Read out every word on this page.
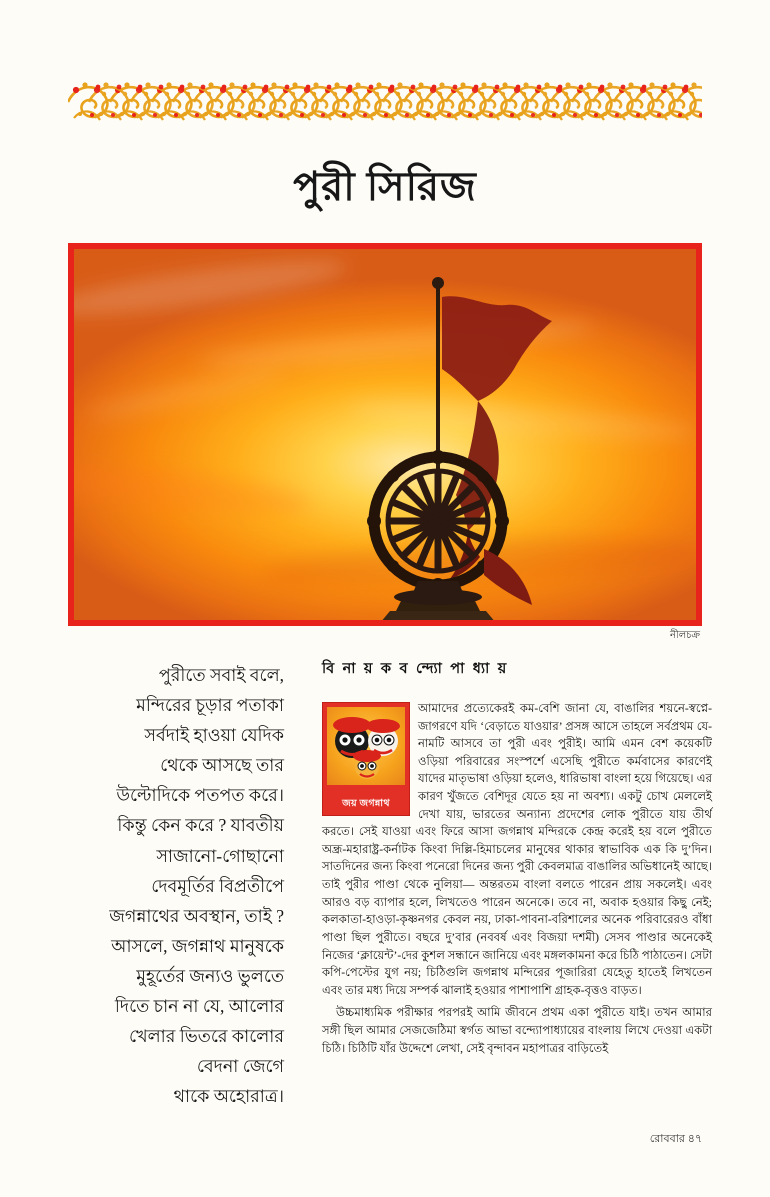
পুরী সিরিজ
নীলচক্র
পুরীতে সবাই বলে,
মন্দিরের চূড়ার পতাকা
সর্বদাই হাওয়া যেদিক
থেকে আসছে তার
উল্টোদিকে পতপত করে।
কিন্তু কেন করে ? যাবতীয়
সাজানো-গোছানো
দেবমূর্তির বিপ্রতীপে
জগন্নাথের অবস্থান, তাই ?
আসলে, জগন্নাথ মানুষকে
মুহূর্তের জন্যও ভুলতে
দিতে চান না যে, আলোর
খেলার ভিতরে কালোর
বেদনা জেগে
থাকে অহোরাত্র।
বি না য় ক ব ন্দ্যো পা ধ্যা য়
জয় জগন্নাথ

আমাদের প্রত্যেকেরই কম-বেশি জানা যে, বাঙালির শয়নে-স্বপ্নে-জাগরণে যদি ‘বেড়াতে যাওয়ার’ প্রসঙ্গ আসে তাহলে সর্বপ্রথম যে-নামটি আসবে তা পুরী এবং পুরীই। আমি এমন বেশ কয়েকটি ওড়িয়া পরিবারের সংস্পর্শে এসেছি পুরীতে কর্মবাসের কারণেই যাদের মাতৃভাষা ওড়িয়া হলেও, ধারিভাষা বাংলা হয়ে গিয়েছে। এর কারণ খুঁজতে বেশিদূর যেতে হয় না অবশ্য। একটু চোখ মেললেই দেখা যায়, ভারতের অন্যান্য প্রদেশের লোক পুরীতে যায় তীর্থ করতে। সেই যাওয়া এবং ফিরে আসা জগন্নাথ মন্দিরকে কেন্দ্র করেই হয় বলে পুরীতে অন্ধ্র-মহারাষ্ট্র-কর্নাটক কিংবা দিল্লি-হিমাচলের মানুষের থাকার স্বাভাবিক এক কি দু’দিন। সাতদিনের জন্য কিংবা পনেরো দিনের জন্য পুরী কেবলমাত্র বাঙালির অভিধানেই আছে। তাই পুরীর পাণ্ডা থেকে নুলিয়া— অন্তরতম বাংলা বলতে পারেন প্রায় সকলেই। এবং আরও বড় ব্যাপার হলে, লিখতেও পারেন অনেকে। তবে না, অবাক হওয়ার কিছু নেই; কলকাতা-হাওড়া-কৃষ্ণনগর কেবল নয়, ঢাকা-পাবনা-বরিশালের অনেক পরিবারেরও বাঁধা পাণ্ডা ছিল পুরীতে। বছরে দু’বার (নববর্ষ এবং বিজয়া দশমী) সেসব পাণ্ডার অনেকেই নিজের ‘ক্লায়েন্ট’-দের কুশল সন্ধানে জানিয়ে এবং মঙ্গলকামনা করে চিঠি পাঠাতেন। সেটা কপি-পেস্টের যুগ নয়; চিঠিগুলি জগন্নাথ মন্দিরের পূজারিরা যেহেতু হাতেই লিখতেন এবং তার মধ্য দিয়ে সম্পর্ক ঝালাই হওয়ার পাশাপাশি গ্রাহক-বৃত্তও বাড়ত।

উচ্চমাধ্যমিক পরীক্ষার পরপরই আমি জীবনে প্রথম একা পুরীতে যাই। তখন আমার সঙ্গী ছিল আমার সেজজেঠিমা স্বর্গত আভা বন্দ্যোপাধ্যায়ের বাংলায় লিখে দেওয়া একটা চিঠি। চিঠিটি যাঁর উদ্দেশে লেখা, সেই বৃন্দাবন মহাপাত্রর বাড়িতেই

রোববার ৪৭
